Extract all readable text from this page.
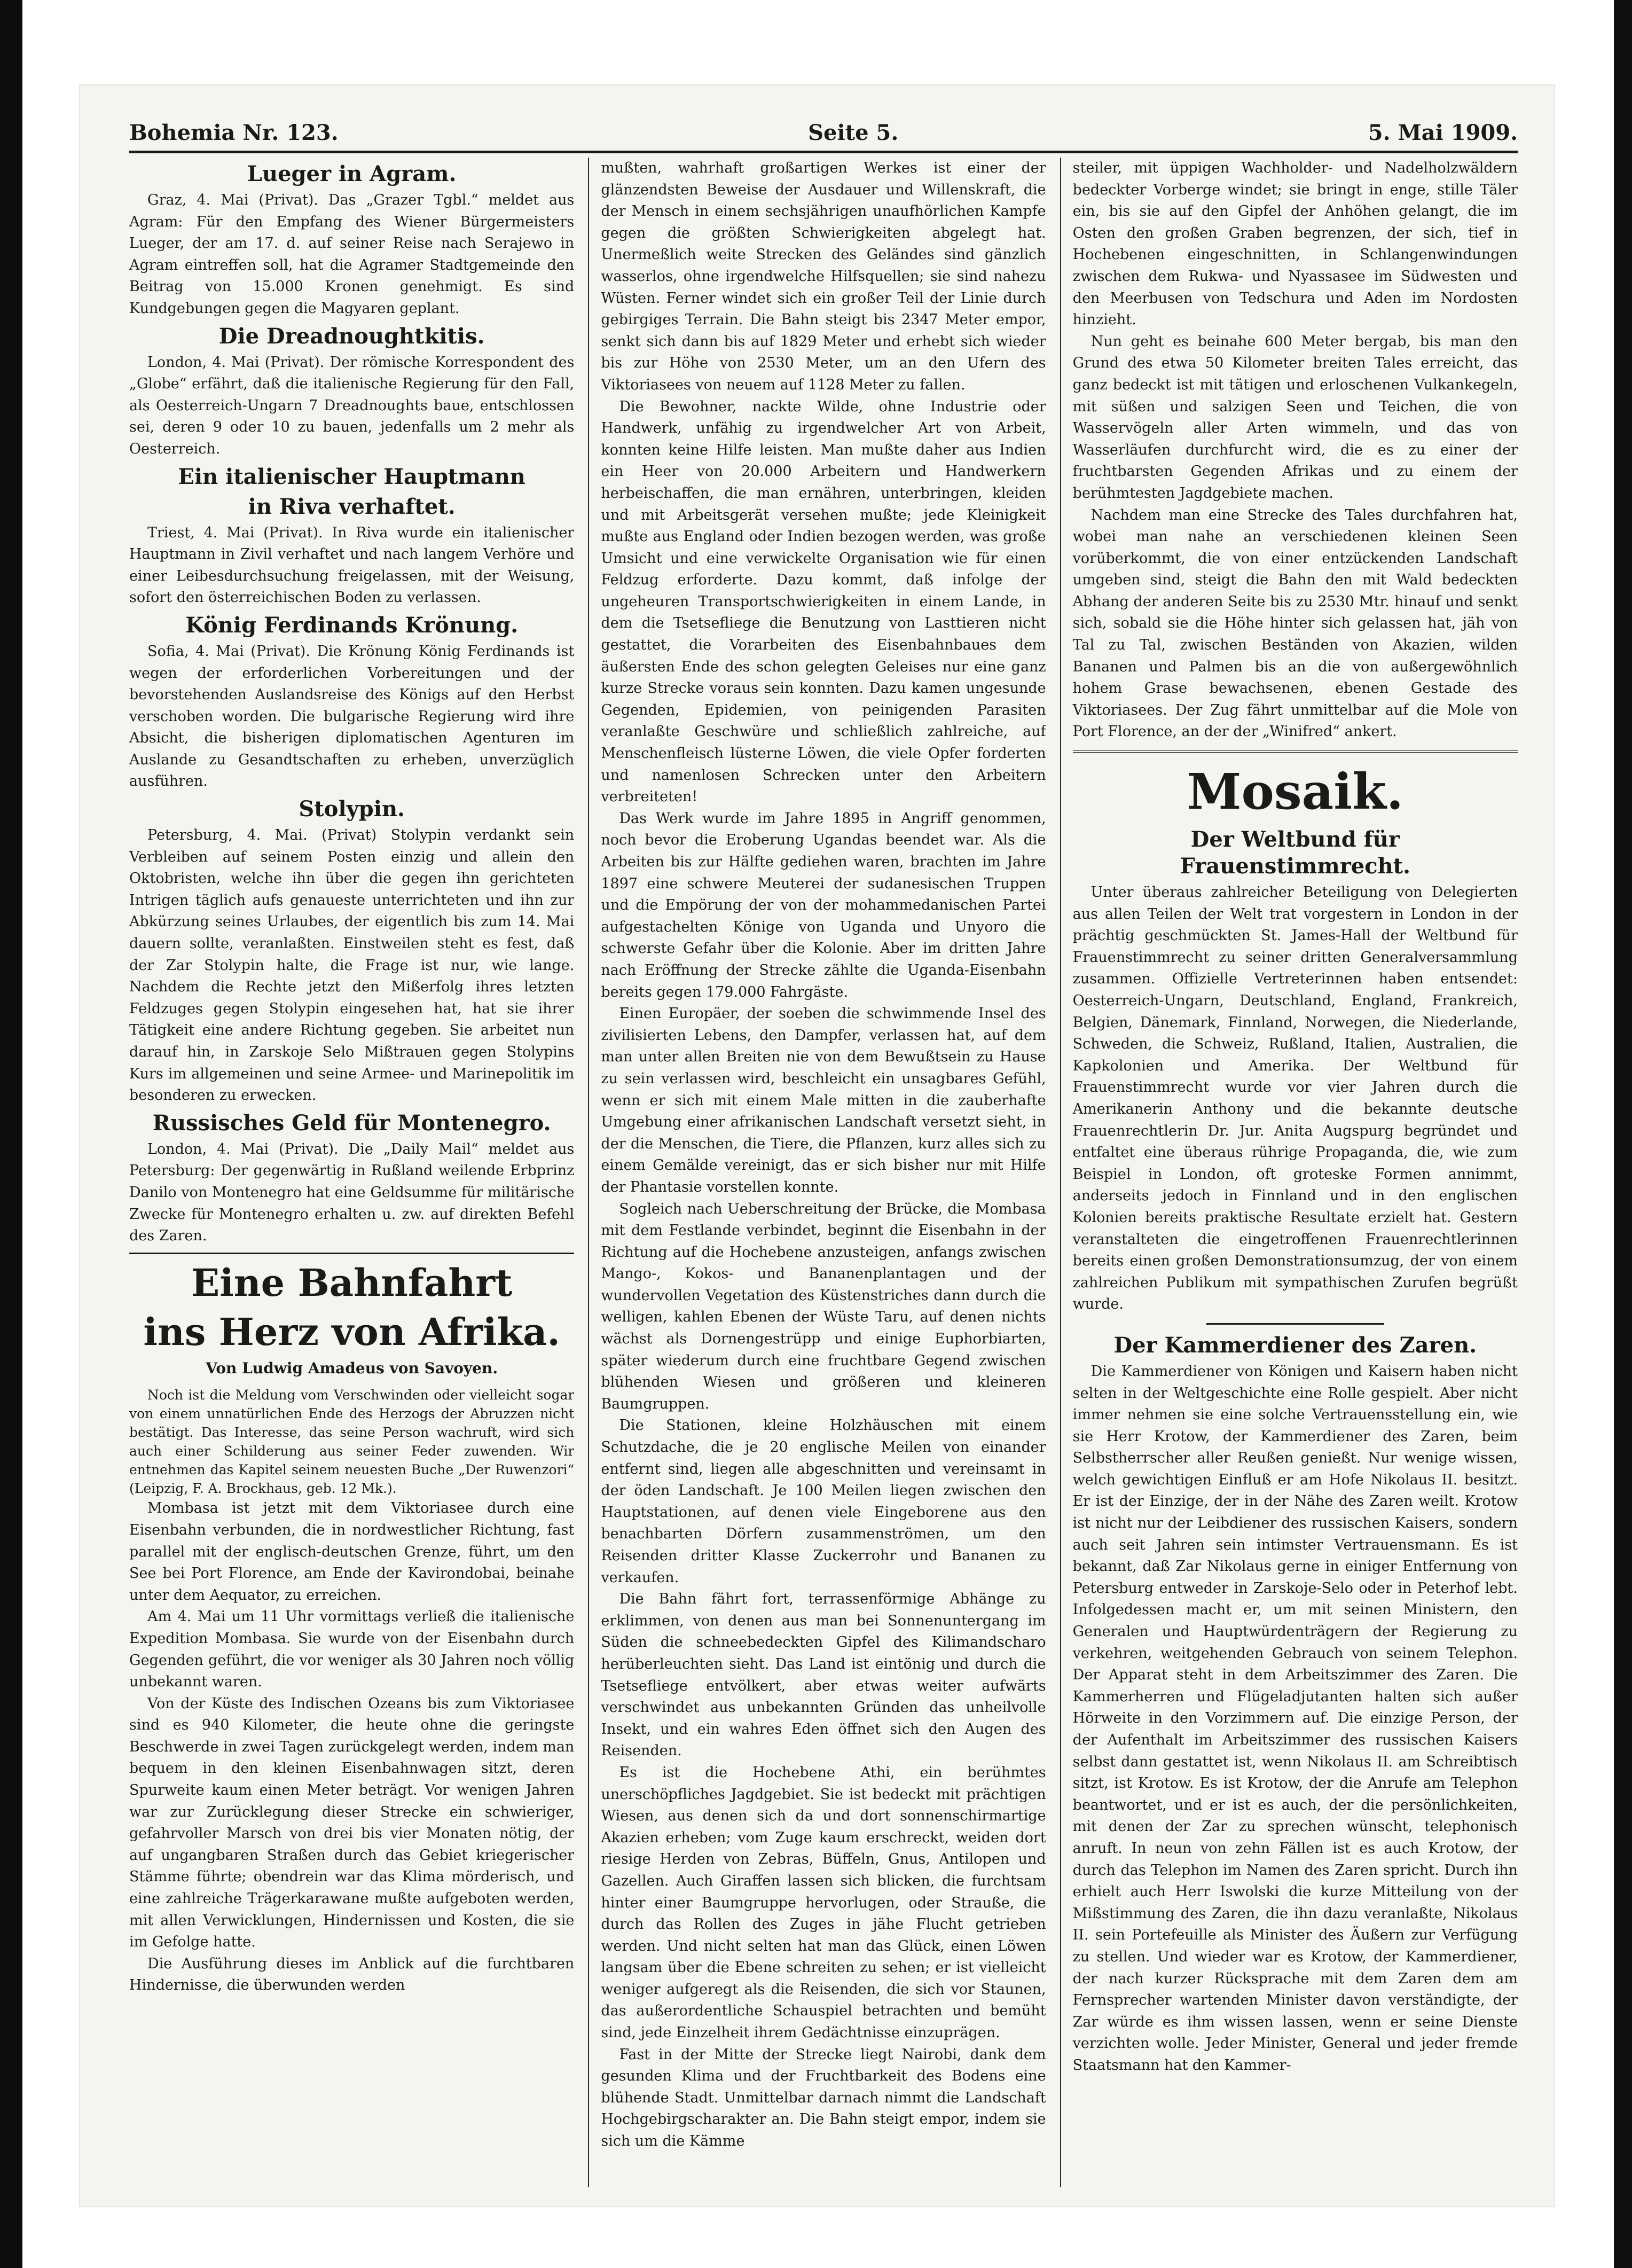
Bohemia Nr. 123.	Seite 5.	5. Mai 1909.
Lueger in Agram.

Graz, 4. Mai (Privat). Das „Grazer Tgbl.“ meldet aus Agram: Für den Empfang des Wiener Bürgermeisters Lueger, der am 17. d. auf seiner Reise nach Serajewo in Agram eintreffen soll, hat die Agramer Stadtgemeinde den Beitrag von 15.000 Kronen genehmigt. Es sind Kundgebungen gegen die Magyaren geplant.

Die Dreadnoughtkitis.

London, 4. Mai (Privat). Der römische Korrespondent des „Globe“ erfährt, daß die italienische Regierung für den Fall, als Oesterreich-Ungarn 7 Dreadnoughts baue, entschlossen sei, deren 9 oder 10 zu bauen, jedenfalls um 2 mehr als Oesterreich.

Ein italienischer Hauptmann
in Riva verhaftet.

Triest, 4. Mai (Privat). In Riva wurde ein italienischer Hauptmann in Zivil verhaftet und nach langem Verhöre und einer Leibesdurchsuchung freigelassen, mit der Weisung, sofort den österreichischen Boden zu verlassen.

König Ferdinands Krönung.

Sofia, 4. Mai (Privat). Die Krönung König Ferdinands ist wegen der erforderlichen Vorbereitungen und der bevorstehenden Auslandsreise des Königs auf den Herbst verschoben worden. Die bulgarische Regierung wird ihre Absicht, die bisherigen diplomatischen Agenturen im Auslande zu Gesandtschaften zu erheben, unverzüglich ausführen.

Stolypin.

Petersburg, 4. Mai. (Privat) Stolypin verdankt sein Verbleiben auf seinem Posten einzig und allein den Oktobristen, welche ihn über die gegen ihn gerichteten Intrigen täglich aufs genaueste unterrichteten und ihn zur Abkürzung seines Urlaubes, der eigentlich bis zum 14. Mai dauern sollte, veranlaßten. Einstweilen steht es fest, daß der Zar Stolypin halte, die Frage ist nur, wie lange. Nachdem die Rechte jetzt den Mißerfolg ihres letzten Feldzuges gegen Stolypin eingesehen hat, hat sie ihrer Tätigkeit eine andere Richtung gegeben. Sie arbeitet nun darauf hin, in Zarskoje Selo Mißtrauen gegen Stolypins Kurs im allgemeinen und seine Armee- und Marinepolitik im besonderen zu erwecken.

Russisches Geld für Montenegro.

London, 4. Mai (Privat). Die „Daily Mail“ meldet aus Petersburg: Der gegenwärtig in Rußland weilende Erbprinz Danilo von Montenegro hat eine Geldsumme für militärische Zwecke für Montenegro erhalten u. zw. auf direkten Befehl des Zaren.

Eine Bahnfahrt
ins Herz von Afrika.
Von Ludwig Amadeus von Savoyen.

Noch ist die Meldung vom Verschwinden oder vielleicht sogar von einem unnatürlichen Ende des Herzogs der Abruzzen nicht bestätigt. Das Interesse, das seine Person wachruft, wird sich auch einer Schilderung aus seiner Feder zuwenden. Wir entnehmen das Kapitel seinem neuesten Buche „Der Ruwenzori“ (Leipzig, F. A. Brockhaus, geb. 12 Mk.).

Mombasa ist jetzt mit dem Viktoriasee durch eine Eisenbahn verbunden, die in nordwestlicher Richtung, fast parallel mit der englisch-deutschen Grenze, führt, um den See bei Port Florence, am Ende der Kavirondobai, beinahe unter dem Aequator, zu erreichen.

Am 4. Mai um 11 Uhr vormittags verließ die italienische Expedition Mombasa. Sie wurde von der Eisenbahn durch Gegenden geführt, die vor weniger als 30 Jahren noch völlig unbekannt waren.

Von der Küste des Indischen Ozeans bis zum Viktoriasee sind es 940 Kilometer, die heute ohne die geringste Beschwerde in zwei Tagen zurückgelegt werden, indem man bequem in den kleinen Eisenbahnwagen sitzt, deren Spurweite kaum einen Meter beträgt. Vor wenigen Jahren war zur Zurücklegung dieser Strecke ein schwieriger, gefahrvoller Marsch von drei bis vier Monaten nötig, der auf ungangbaren Straßen durch das Gebiet kriegerischer Stämme führte; obendrein war das Klima mörderisch, und eine zahlreiche Trägerkarawane mußte aufgeboten werden, mit allen Verwicklungen, Hindernissen und Kosten, die sie im Gefolge hatte.

Die Ausführung dieses im Anblick auf die furchtbaren Hindernisse, die überwunden werden

mußten, wahrhaft großartigen Werkes ist einer der glänzendsten Beweise der Ausdauer und Willenskraft, die der Mensch in einem sechsjährigen unaufhörlichen Kampfe gegen die größten Schwierigkeiten abgelegt hat. Unermeßlich weite Strecken des Geländes sind gänzlich wasserlos, ohne irgendwelche Hilfsquellen; sie sind nahezu Wüsten. Ferner windet sich ein großer Teil der Linie durch gebirgiges Terrain. Die Bahn steigt bis 2347 Meter empor, senkt sich dann bis auf 1829 Meter und erhebt sich wieder bis zur Höhe von 2530 Meter, um an den Ufern des Viktoriasees von neuem auf 1128 Meter zu fallen.

Die Bewohner, nackte Wilde, ohne Industrie oder Handwerk, unfähig zu irgendwelcher Art von Arbeit, konnten keine Hilfe leisten. Man mußte daher aus Indien ein Heer von 20.000 Arbeitern und Handwerkern herbeischaffen, die man ernähren, unterbringen, kleiden und mit Arbeitsgerät versehen mußte; jede Kleinigkeit mußte aus England oder Indien bezogen werden, was große Umsicht und eine verwickelte Organisation wie für einen Feldzug erforderte. Dazu kommt, daß infolge der ungeheuren Transportschwierigkeiten in einem Lande, in dem die Tsetsefliege die Benutzung von Lasttieren nicht gestattet, die Vorarbeiten des Eisenbahnbaues dem äußersten Ende des schon gelegten Geleises nur eine ganz kurze Strecke voraus sein konnten. Dazu kamen ungesunde Gegenden, Epidemien, von peinigenden Parasiten veranlaßte Geschwüre und schließlich zahlreiche, auf Menschenfleisch lüsterne Löwen, die viele Opfer forderten und namenlosen Schrecken unter den Arbeitern verbreiteten!

Das Werk wurde im Jahre 1895 in Angriff genommen, noch bevor die Eroberung Ugandas beendet war. Als die Arbeiten bis zur Hälfte gediehen waren, brachten im Jahre 1897 eine schwere Meuterei der sudanesischen Truppen und die Empörung der von der mohammedanischen Partei aufgestachelten Könige von Uganda und Unyoro die schwerste Gefahr über die Kolonie. Aber im dritten Jahre nach Eröffnung der Strecke zählte die Uganda-Eisenbahn bereits gegen 179.000 Fahrgäste.

Einen Europäer, der soeben die schwimmende Insel des zivilisierten Lebens, den Dampfer, verlassen hat, auf dem man unter allen Breiten nie von dem Bewußtsein zu Hause zu sein verlassen wird, beschleicht ein unsagbares Gefühl, wenn er sich mit einem Male mitten in die zauberhafte Umgebung einer afrikanischen Landschaft versetzt sieht, in der die Menschen, die Tiere, die Pflanzen, kurz alles sich zu einem Gemälde vereinigt, das er sich bisher nur mit Hilfe der Phantasie vorstellen konnte.

Sogleich nach Ueberschreitung der Brücke, die Mombasa mit dem Festlande verbindet, beginnt die Eisenbahn in der Richtung auf die Hochebene anzusteigen, anfangs zwischen Mango-, Kokos- und Bananenplantagen und der wundervollen Vegetation des Küstenstriches dann durch die welligen, kahlen Ebenen der Wüste Taru, auf denen nichts wächst als Dornengestrüpp und einige Euphorbiarten, später wiederum durch eine fruchtbare Gegend zwischen blühenden Wiesen und größeren und kleineren Baumgruppen.

Die Stationen, kleine Holzhäuschen mit einem Schutzdache, die je 20 englische Meilen von einander entfernt sind, liegen alle abgeschnitten und vereinsamt in der öden Landschaft. Je 100 Meilen liegen zwischen den Hauptstationen, auf denen viele Eingeborene aus den benachbarten Dörfern zusammenströmen, um den Reisenden dritter Klasse Zuckerrohr und Bananen zu verkaufen.

Die Bahn fährt fort, terrassenförmige Abhänge zu erklimmen, von denen aus man bei Sonnenuntergang im Süden die schneebedeckten Gipfel des Kilimandscharo herüberleuchten sieht. Das Land ist eintönig und durch die Tsetsefliege entvölkert, aber etwas weiter aufwärts verschwindet aus unbekannten Gründen das unheilvolle Insekt, und ein wahres Eden öffnet sich den Augen des Reisenden.

Es ist die Hochebene Athi, ein berühmtes unerschöpfliches Jagdgebiet. Sie ist bedeckt mit prächtigen Wiesen, aus denen sich da und dort sonnenschirmartige Akazien erheben; vom Zuge kaum erschreckt, weiden dort riesige Herden von Zebras, Büffeln, Gnus, Antilopen und Gazellen. Auch Giraffen lassen sich blicken, die furchtsam hinter einer Baumgruppe hervorlugen, oder Strauße, die durch das Rollen des Zuges in jähe Flucht getrieben werden. Und nicht selten hat man das Glück, einen Löwen langsam über die Ebene schreiten zu sehen; er ist vielleicht weniger aufgeregt als die Reisenden, die sich vor Staunen, das außerordentliche Schauspiel betrachten und bemüht sind, jede Einzelheit ihrem Gedächtnisse einzuprägen.

Fast in der Mitte der Strecke liegt Nairobi, dank dem gesunden Klima und der Fruchtbarkeit des Bodens eine blühende Stadt. Unmittelbar darnach nimmt die Landschaft Hochgebirgscharakter an. Die Bahn steigt empor, indem sie sich um die Kämme

steiler, mit üppigen Wachholder- und Nadelholzwäldern bedeckter Vorberge windet; sie bringt in enge, stille Täler ein, bis sie auf den Gipfel der Anhöhen gelangt, die im Osten den großen Graben begrenzen, der sich, tief in Hochebenen eingeschnitten, in Schlangenwindungen zwischen dem Rukwa- und Nyassasee im Südwesten und den Meerbusen von Tedschura und Aden im Nordosten hinzieht.

Nun geht es beinahe 600 Meter bergab, bis man den Grund des etwa 50 Kilometer breiten Tales erreicht, das ganz bedeckt ist mit tätigen und erloschenen Vulkankegeln, mit süßen und salzigen Seen und Teichen, die von Wasservögeln aller Arten wimmeln, und das von Wasserläufen durchfurcht wird, die es zu einer der fruchtbarsten Gegenden Afrikas und zu einem der berühmtesten Jagdgebiete machen.

Nachdem man eine Strecke des Tales durchfahren hat, wobei man nahe an verschiedenen kleinen Seen vorüberkommt, die von einer entzückenden Landschaft umgeben sind, steigt die Bahn den mit Wald bedeckten Abhang der anderen Seite bis zu 2530 Mtr. hinauf und senkt sich, sobald sie die Höhe hinter sich gelassen hat, jäh von Tal zu Tal, zwischen Beständen von Akazien, wilden Bananen und Palmen bis an die von außergewöhnlich hohem Grase bewachsenen, ebenen Gestade des Viktoriasees. Der Zug fährt unmittelbar auf die Mole von Port Florence, an der der „Winifred“ ankert.

Mosaik.
Der Weltbund für Frauenstimmrecht.

Unter überaus zahlreicher Beteiligung von Delegierten aus allen Teilen der Welt trat vorgestern in London in der prächtig geschmückten St. James-Hall der Weltbund für Frauenstimmrecht zu seiner dritten Generalversammlung zusammen. Offizielle Vertreterinnen haben entsendet: Oesterreich-Ungarn, Deutschland, England, Frankreich, Belgien, Dänemark, Finnland, Norwegen, die Niederlande, Schweden, die Schweiz, Rußland, Italien, Australien, die Kapkolonien und Amerika. Der Weltbund für Frauenstimmrecht wurde vor vier Jahren durch die Amerikanerin Anthony und die bekannte deutsche Frauenrechtlerin Dr. Jur. Anita Augspurg begründet und entfaltet eine überaus rührige Propaganda, die, wie zum Beispiel in London, oft groteske Formen annimmt, anderseits jedoch in Finnland und in den englischen Kolonien bereits praktische Resultate erzielt hat. Gestern veranstalteten die eingetroffenen Frauenrechtlerinnen bereits einen großen Demonstrationsumzug, der von einem zahlreichen Publikum mit sympathischen Zurufen begrüßt wurde.

Der Kammerdiener des Zaren.

Die Kammerdiener von Königen und Kaisern haben nicht selten in der Weltgeschichte eine Rolle gespielt. Aber nicht immer nehmen sie eine solche Vertrauensstellung ein, wie sie Herr Krotow, der Kammerdiener des Zaren, beim Selbstherrscher aller Reußen genießt. Nur wenige wissen, welch gewichtigen Einfluß er am Hofe Nikolaus II. besitzt. Er ist der Einzige, der in der Nähe des Zaren weilt. Krotow ist nicht nur der Leibdiener des russischen Kaisers, sondern auch seit Jahren sein intimster Vertrauensmann. Es ist bekannt, daß Zar Nikolaus gerne in einiger Entfernung von Petersburg entweder in Zarskoje-Selo oder in Peterhof lebt. Infolgedessen macht er, um mit seinen Ministern, den Generalen und Hauptwürdenträgern der Regierung zu verkehren, weitgehenden Gebrauch von seinem Telephon. Der Apparat steht in dem Arbeitszimmer des Zaren. Die Kammerherren und Flügeladjutanten halten sich außer Hörweite in den Vorzimmern auf. Die einzige Person, der der Aufenthalt im Arbeitszimmer des russischen Kaisers selbst dann gestattet ist, wenn Nikolaus II. am Schreibtisch sitzt, ist Krotow. Es ist Krotow, der die Anrufe am Telephon beantwortet, und er ist es auch, der die persönlichkeiten, mit denen der Zar zu sprechen wünscht, telephonisch anruft. In neun von zehn Fällen ist es auch Krotow, der durch das Telephon im Namen des Zaren spricht. Durch ihn erhielt auch Herr Iswolski die kurze Mitteilung von der Mißstimmung des Zaren, die ihn dazu veranlaßte, Nikolaus II. sein Portefeuille als Minister des Äußern zur Verfügung zu stellen. Und wieder war es Krotow, der Kammerdiener, der nach kurzer Rücksprache mit dem Zaren dem am Fernsprecher wartenden Minister davon verständigte, der Zar würde es ihm wissen lassen, wenn er seine Dienste verzichten wolle. Jeder Minister, General und jeder fremde Staatsmann hat den Kammer-
